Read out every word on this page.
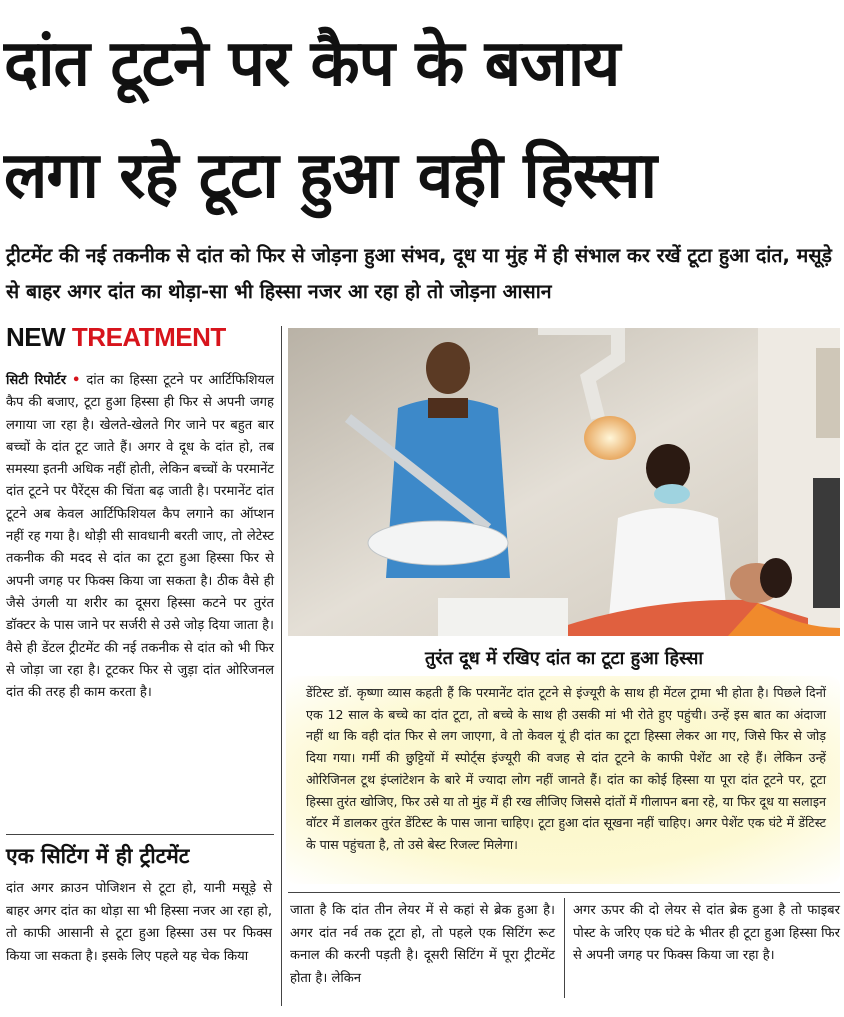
दांत टूटने पर कैप के बजाय
लगा रहे टूटा हुआ वही हिस्सा
ट्रीटमेंट की नई तकनीक से दांत को फिर से जोड़ना हुआ संभव, दूध या मुंह में ही संभाल कर रखें टूटा हुआ दांत, मसूड़े से बाहर अगर दांत का थोड़ा-सा भी हिस्सा नजर आ रहा हो तो जोड़ना आसान
NEW TREATMENT
सिटी रिपोर्टर • दांत का हिस्सा टूटने पर आर्टिफिशियल कैप की बजाए, टूटा हुआ हिस्सा ही फिर से अपनी जगह लगाया जा रहा है। खेलते-खेलते गिर जाने पर बहुत बार बच्चों के दांत टूट जाते हैं। अगर वे दूध के दांत हो, तब समस्या इतनी अधिक नहीं होती, लेकिन बच्चों के परमानेंट दांत टूटने पर पैरेंट्स की चिंता बढ़ जाती है। परमानेंट दांत टूटने अब केवल आर्टिफिशियल कैप लगाने का ऑप्शन नहीं रह गया है। थोड़ी सी सावधानी बरती जाए, तो लेटेस्ट तकनीक की मदद से दांत का टूटा हुआ हिस्सा फिर से अपनी जगह पर फिक्स किया जा सकता है। ठीक वैसे ही जैसे उंगली या शरीर का दूसरा हिस्सा कटने पर तुरंत डॉक्टर के पास जाने पर सर्जरी से उसे जोड़ दिया जाता है। वैसे ही डेंटल ट्रीटमेंट की नई तकनीक से दांत को भी फिर से जोड़ा जा रहा है। टूटकर फिर से जुड़ा दांत ओरिजनल दांत की तरह ही काम करता है।
एक सिटिंग में ही ट्रीटमेंट
दांत अगर क्राउन पोजिशन से टूटा हो, यानी मसूड़े से बाहर अगर दांत का थोड़ा सा भी हिस्सा नजर आ रहा हो, तो काफी आसानी से टूटा हुआ हिस्सा उस पर फिक्स किया जा सकता है। इसके लिए पहले यह चेक किया
तुरंत दूध में रखिए दांत का टूटा हुआ हिस्सा
डेंटिस्ट डॉ. कृष्णा व्यास कहती हैं कि परमानेंट दांत टूटने से इंज्यूरी के साथ ही मेंटल ट्रामा भी होता है। पिछले दिनों एक 12 साल के बच्चे का दांत टूटा, तो बच्चे के साथ ही उसकी मां भी रोते हुए पहुंची। उन्हें इस बात का अंदाजा नहीं था कि वही दांत फिर से लग जाएगा, वे तो केवल यूं ही दांत का टूटा हिस्सा लेकर आ गए, जिसे फिर से जोड़ दिया गया। गर्मी की छुट्टियों में स्पोर्ट्स इंज्यूरी की वजह से दांत टूटने के काफी पेशेंट आ रहे हैं। लेकिन उन्हें ओरिजिनल टूथ इंप्लांटेशन के बारे में ज्यादा लोग नहीं जानते हैं। दांत का कोई हिस्सा या पूरा दांत टूटने पर, टूटा हिस्सा तुरंत खोजिए, फिर उसे या तो मुंह में ही रख लीजिए जिससे दांतों में गीलापन बना रहे, या फिर दूध या सलाइन वॉटर में डालकर तुरंत डेंटिस्ट के पास जाना चाहिए। टूटा हुआ दांत सूखना नहीं चाहिए। अगर पेशेंट एक घंटे में डेंटिस्ट के पास पहुंचता है, तो उसे बेस्ट रिजल्ट मिलेगा।
जाता है कि दांत तीन लेयर में से कहां से ब्रेक हुआ है। अगर दांत नर्व तक टूटा हो, तो पहले एक सिटिंग रूट कनाल की करनी पड़ती है। दूसरी सिटिंग में पूरा ट्रीटमेंट होता है। लेकिन
अगर ऊपर की दो लेयर से दांत ब्रेक हुआ है तो फाइबर पोस्ट के जरिए एक घंटे के भीतर ही टूटा हुआ हिस्सा फिर से अपनी जगह पर फिक्स किया जा रहा है।
